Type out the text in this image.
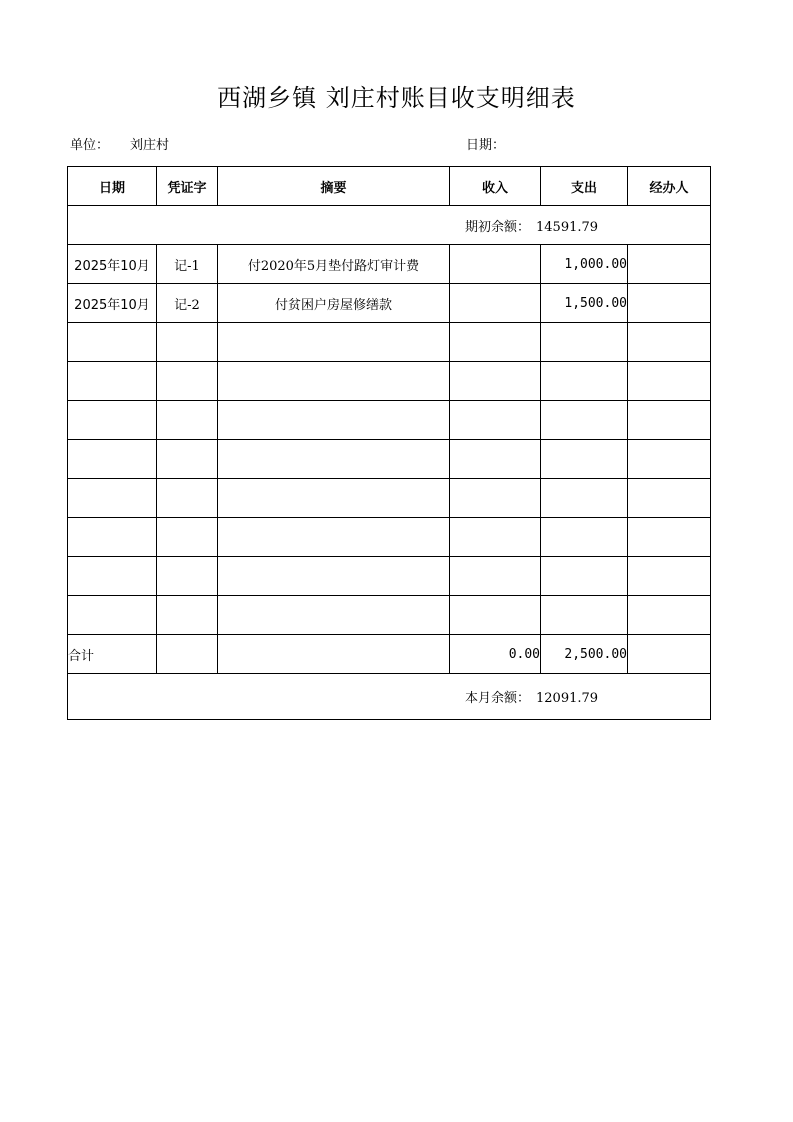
西湖乡镇 刘庄村账目收支明细表
单位： 刘庄村	日期：
日期	凭证字	摘要	收入	支出	经办人

期初余额： 14591.79					

2025年10月	记-1	付2020年5月垫付路灯审计费		1,000.00	
2025年10月	记-2	付贫困户房屋修缮款		1,500.00	

合计			0.00	2,500.00	

本月余额： 12091.79					
